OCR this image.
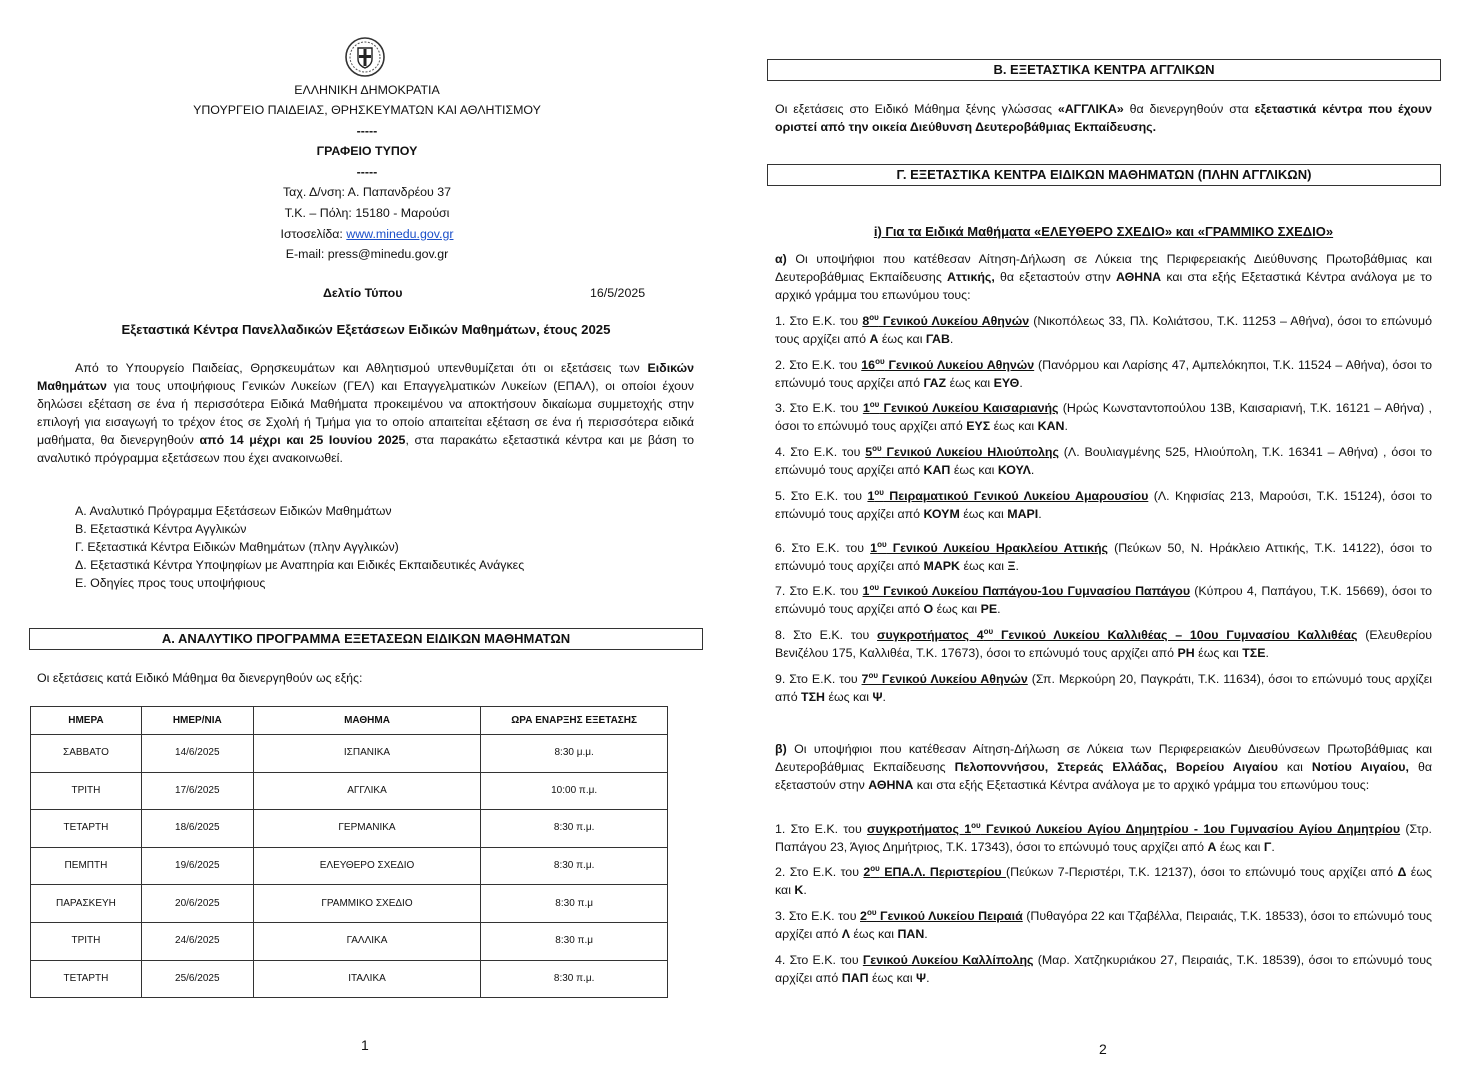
ΕΛΛΗΝΙΚΗ ΔΗΜΟΚΡΑΤΙΑ
ΥΠΟΥΡΓΕΙΟ ΠΑΙΔΕΙΑΣ, ΘΡΗΣΚΕΥΜΑΤΩΝ ΚΑΙ ΑΘΛΗΤΙΣΜΟΥ
-----
ΓΡΑΦΕΙΟ ΤΥΠΟΥ
-----
Ταχ. Δ/νση: Α. Παπανδρέου 37
Τ.Κ. – Πόλη: 15180 - Μαρούσι
Ιστοσελίδα: www.minedu.gov.gr
E-mail: press@minedu.gov.gr
Δελτίο Τύπου	16/5/2025
Εξεταστικά Κέντρα Πανελλαδικών Εξετάσεων Ειδικών Μαθημάτων, έτους 2025
Από το Υπουργείο Παιδείας, Θρησκευμάτων και Αθλητισμού υπενθυμίζεται ότι οι εξετάσεις των Ειδικών Μαθημάτων για τους υποψήφιους Γενικών Λυκείων (ΓΕΛ) και Επαγγελματικών Λυκείων (ΕΠΑΛ), οι οποίοι έχουν δηλώσει εξέταση σε ένα ή περισσότερα Ειδικά Μαθήματα προκειμένου να αποκτήσουν δικαίωμα συμμετοχής στην επιλογή για εισαγωγή το τρέχον έτος σε Σχολή ή Τμήμα για το οποίο απαιτείται εξέταση σε ένα ή περισσότερα ειδικά μαθήματα, θα διενεργηθούν από 14 μέχρι και 25 Ιουνίου 2025, στα παρακάτω εξεταστικά κέντρα και με βάση το αναλυτικό πρόγραμμα εξετάσεων που έχει ανακοινωθεί.
Α. Αναλυτικό Πρόγραμμα Εξετάσεων Ειδικών Μαθημάτων
Β. Εξεταστικά Κέντρα Αγγλικών
Γ. Εξεταστικά Κέντρα Ειδικών Μαθημάτων (πλην Αγγλικών)
Δ. Εξεταστικά Κέντρα Υποψηφίων με Αναπηρία και Ειδικές Εκπαιδευτικές Ανάγκες
Ε. Οδηγίες προς τους υποψήφιους
Α. ΑΝΑΛΥΤΙΚΟ ΠΡΟΓΡΑΜΜΑ ΕΞΕΤΑΣΕΩΝ ΕΙΔΙΚΩΝ ΜΑΘΗΜΑΤΩΝ
Οι εξετάσεις κατά Ειδικό Μάθημα θα διενεργηθούν ως εξής:
ΗΜΕΡΑ	ΗΜΕΡ/ΝΙΑ	ΜΑΘΗΜΑ	ΩΡΑ ΕΝΑΡΞΗΣ ΕΞΕΤΑΣΗΣ
ΣΑΒΒΑΤΟ	14/6/2025	ΙΣΠΑΝΙΚΑ	8:30 μ.μ.
ΤΡΙΤΗ	17/6/2025	ΑΓΓΛΙΚΑ	10:00 π.μ.
ΤΕΤΑΡΤΗ	18/6/2025	ΓΕΡΜΑΝΙΚΑ	8:30 π.μ.
ΠΕΜΠΤΗ	19/6/2025	ΕΛΕΥΘΕΡΟ ΣΧΕΔΙΟ	8:30 π.μ.
ΠΑΡΑΣΚΕΥΗ	20/6/2025	ΓΡΑΜΜΙΚΟ ΣΧΕΔΙΟ	8:30 π.μ
ΤΡΙΤΗ	24/6/2025	ΓΑΛΛΙΚΑ	8:30 π.μ
ΤΕΤΑΡΤΗ	25/6/2025	ΙΤΑΛΙΚΑ	8:30 π.μ.
1
Β. ΕΞΕΤΑΣΤΙΚΑ ΚΕΝΤΡΑ ΑΓΓΛΙΚΩΝ
Οι εξετάσεις στο Ειδικό Μάθημα ξένης γλώσσας «ΑΓΓΛΙΚΑ» θα διενεργηθούν στα εξεταστικά κέντρα που έχουν οριστεί από την οικεία Διεύθυνση Δευτεροβάθμιας Εκπαίδευσης.
Γ. ΕΞΕΤΑΣΤΙΚΑ ΚΕΝΤΡΑ ΕΙΔΙΚΩΝ ΜΑΘΗΜΑΤΩΝ (ΠΛΗΝ ΑΓΓΛΙΚΩΝ)
i) Για τα Ειδικά Μαθήματα «ΕΛΕΥΘΕΡΟ ΣΧΕΔΙΟ» και «ΓΡΑΜΜΙΚΟ ΣΧΕΔΙΟ»
α) Οι υποψήφιοι που κατέθεσαν Αίτηση-Δήλωση σε Λύκεια της Περιφερειακής Διεύθυνσης Πρωτοβάθμιας και Δευτεροβάθμιας Εκπαίδευσης Αττικής, θα εξεταστούν στην ΑΘΗΝΑ και στα εξής Εξεταστικά Κέντρα ανάλογα με το αρχικό γράμμα του επωνύμου τους:
1. Στο Ε.Κ. του $8^{o\upsilon}$ Γενικού Λυκείου Αθηνών (Νικοπόλεως 33, Πλ. Κολιάτσου, Τ.Κ. 11253 – Αθήνα), όσοι το επώνυμό τους αρχίζει από Α έως και ΓΑΒ.
2. Στο Ε.Κ. του $16^{o\upsilon}$ Γενικού Λυκείου Αθηνών (Πανόρμου και Λαρίσης 47, Αμπελόκηποι, Τ.Κ. 11524 – Αθήνα), όσοι το επώνυμό τους αρχίζει από ΓΑΖ έως και ΕΥΘ.
3. Στο Ε.Κ. του $1^{o\upsilon}$ Γενικού Λυκείου Καισαριανής (Ηρώς Κωνσταντοπούλου 13Β, Καισαριανή, Τ.Κ. 16121 – Αθήνα) , όσοι το επώνυμό τους αρχίζει από ΕΥΣ έως και ΚΑΝ.
4. Στο Ε.Κ. του $5^{o\upsilon}$ Γενικού Λυκείου Ηλιούπολης (Λ. Βουλιαγμένης 525, Ηλιούπολη, Τ.Κ. 16341 – Αθήνα) , όσοι το επώνυμό τους αρχίζει από ΚΑΠ έως και ΚΟΥΛ.
5. Στο Ε.Κ. του $1^{o\upsilon}$ Πειραματικού Γενικού Λυκείου Αμαρουσίου (Λ. Κηφισίας 213, Μαρούσι, Τ.Κ. 15124), όσοι το επώνυμό τους αρχίζει από ΚΟΥΜ έως και ΜΑΡΙ.
6. Στο Ε.Κ. του $1^{o\upsilon}$ Γενικού Λυκείου Ηρακλείου Αττικής (Πεύκων 50, Ν. Ηράκλειο Αττικής, Τ.Κ. 14122), όσοι το επώνυμό τους αρχίζει από ΜΑΡΚ έως και Ξ.
7. Στο Ε.Κ. του $1^{o\upsilon}$ Γενικού Λυκείου Παπάγου-1ου Γυμνασίου Παπάγου (Κύπρου 4, Παπάγου, Τ.Κ. 15669), όσοι το επώνυμό τους αρχίζει από Ο έως και ΡΕ.
8. Στο Ε.Κ. του συγκροτήματος $4^{o\upsilon}$ Γενικού Λυκείου Καλλιθέας – 10ου Γυμνασίου Καλλιθέας (Ελευθερίου Βενιζέλου 175, Καλλιθέα, Τ.Κ. 17673), όσοι το επώνυμό τους αρχίζει από ΡΗ έως και ΤΣΕ.
9. Στο Ε.Κ. του $7^{o\upsilon}$ Γενικού Λυκείου Αθηνών (Σπ. Μερκούρη 20, Παγκράτι, Τ.Κ. 11634), όσοι το επώνυμό τους αρχίζει από ΤΣΗ έως και Ψ.
β) Οι υποψήφιοι που κατέθεσαν Αίτηση-Δήλωση σε Λύκεια των Περιφερειακών Διευθύνσεων Πρωτοβάθμιας και Δευτεροβάθμιας Εκπαίδευσης Πελοποννήσου, Στερεάς Ελλάδας, Βορείου Αιγαίου και Νοτίου Αιγαίου, θα εξεταστούν στην ΑΘΗΝΑ και στα εξής Εξεταστικά Κέντρα ανάλογα με το αρχικό γράμμα του επωνύμου τους:
1. Στο Ε.Κ. του συγκροτήματος $1^{o\upsilon}$ Γενικού Λυκείου Αγίου Δημητρίου - 1ου Γυμνασίου Αγίου Δημητρίου (Στρ. Παπάγου 23, Άγιος Δημήτριος, Τ.Κ. 17343), όσοι το επώνυμό τους αρχίζει από Α έως και Γ.
2. Στο Ε.Κ. του $2^{o\upsilon}$ ΕΠΑ.Λ. Περιστερίου (Πεύκων 7-Περιστέρι, Τ.Κ. 12137), όσοι το επώνυμό τους αρχίζει από Δ έως και Κ.
3. Στο Ε.Κ. του $2^{o\upsilon}$ Γενικού Λυκείου Πειραιά (Πυθαγόρα 22 και Τζαβέλλα, Πειραιάς, Τ.Κ. 18533), όσοι το επώνυμό τους αρχίζει από Λ έως και ΠΑΝ.
4. Στο Ε.Κ. του Γενικού Λυκείου Καλλίπολης (Μαρ. Χατζηκυριάκου 27, Πειραιάς, Τ.Κ. 18539), όσοι το επώνυμό τους αρχίζει από ΠΑΠ έως και Ψ.
2
